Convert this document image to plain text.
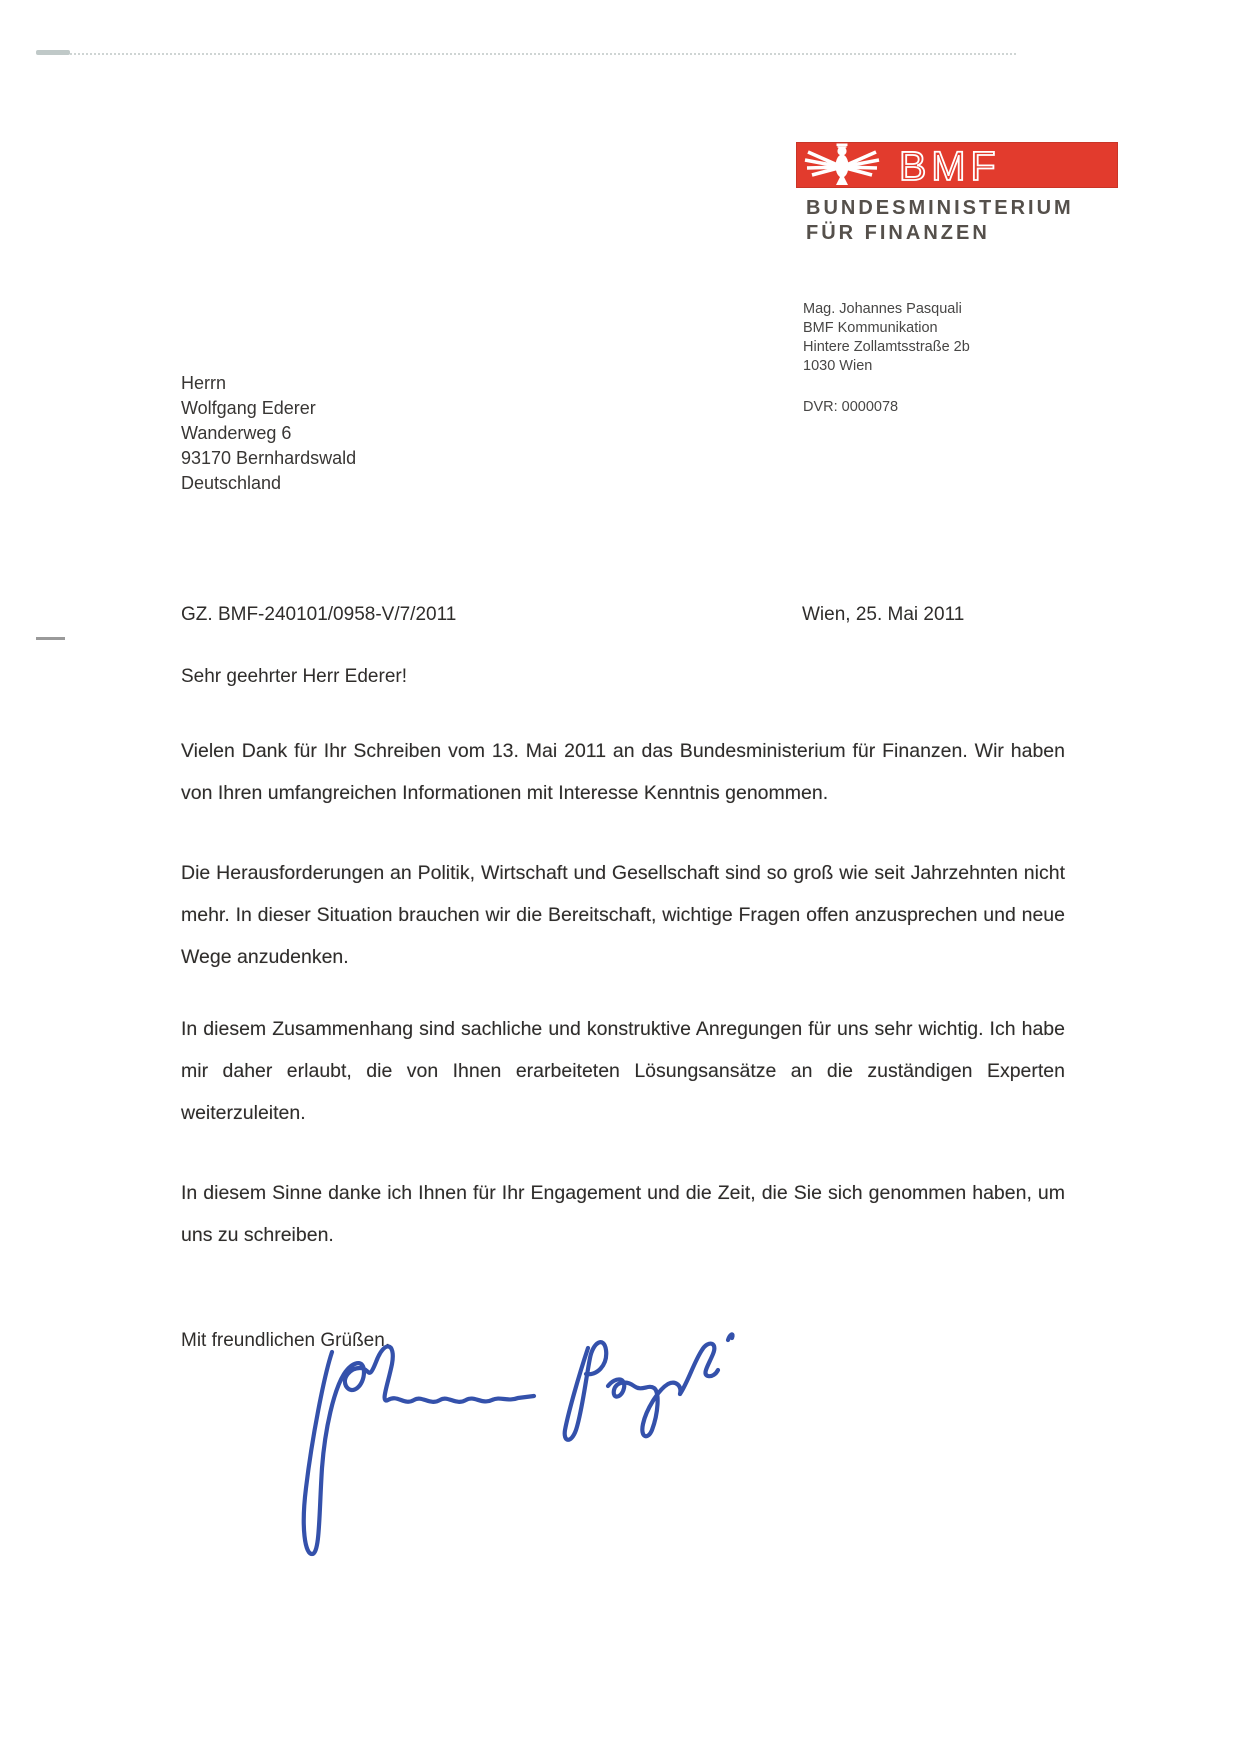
BMF
BUNDESMINISTERIUM
FÜR FINANZEN
Mag. Johannes Pasquali
BMF Kommunikation
Hintere Zollamtsstraße 2b
1030 Wien
DVR: 0000078
Herrn
Wolfgang Ederer
Wanderweg 6
93170 Bernhardswald
Deutschland
GZ. BMF-240101/0958-V/7/2011	Wien, 25. Mai 2011
Sehr geehrter Herr Ederer!
Vielen Dank für Ihr Schreiben vom 13. Mai 2011 an das Bundesministerium für Finanzen. Wir haben von Ihren umfangreichen Informationen mit Interesse Kenntnis genommen.
Die Herausforderungen an Politik, Wirtschaft und Gesellschaft sind so groß wie seit Jahrzehnten nicht mehr. In dieser Situation brauchen wir die Bereitschaft, wichtige Fragen offen anzusprechen und neue Wege anzudenken.
In diesem Zusammenhang sind sachliche und konstruktive Anregungen für uns sehr wichtig. Ich habe mir daher erlaubt, die von Ihnen erarbeiteten Lösungsansätze an die zuständigen Experten weiterzuleiten.
In diesem Sinne danke ich Ihnen für Ihr Engagement und die Zeit, die Sie sich genommen haben, um uns zu schreiben.
Mit freundlichen Grüßen,
